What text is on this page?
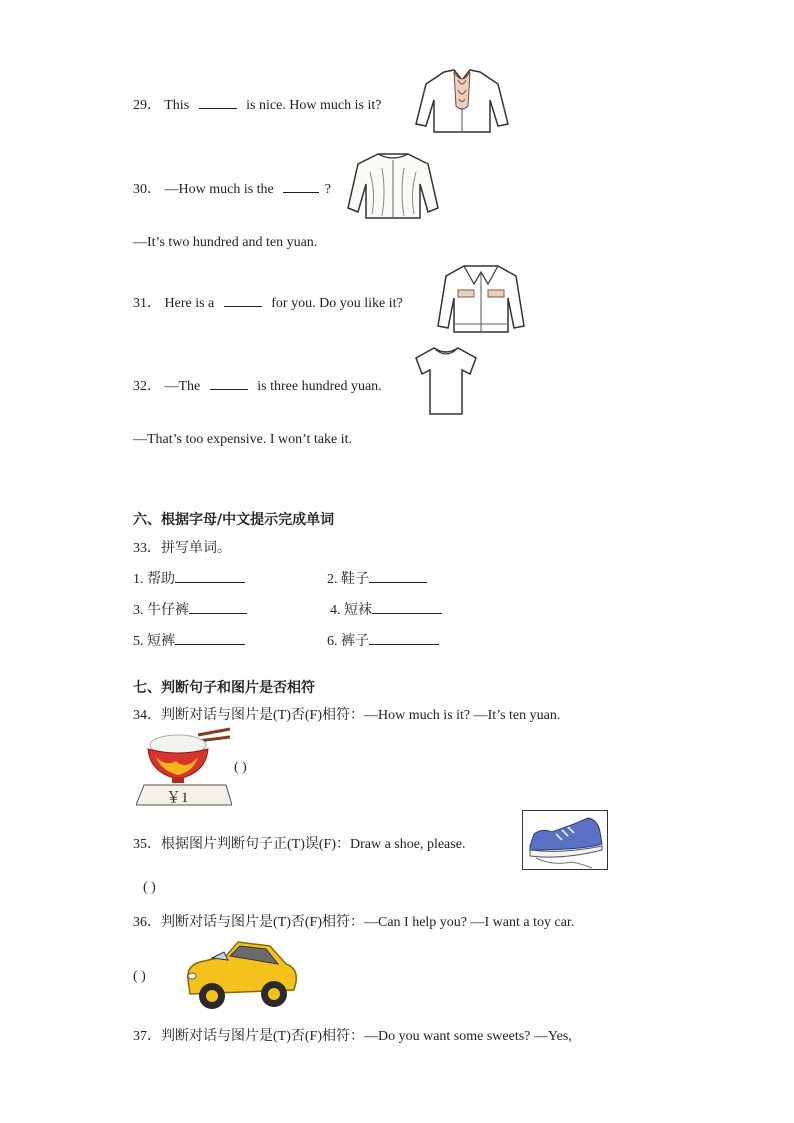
29． This	is nice. How much is it?
30． —How much is the	?
—It’s two hundred and ten yuan.
31． Here is a	for you. Do you like it?
32． —The	is three hundred yuan.
—That’s too expensive. I won’t take it.
六、根据字母/中文提示完成单词
33．拼写单词。
1. 帮助	2. 鞋子
3. 牛仔裤	4. 短袜
5. 短裤	6. 裤子
七、判断句子和图片是否相符
34．判断对话与图片是(T)否(F)相符：—How much is it? —It’s ten yuan.
￥1
( )
35．根据图片判断句子正(T)误(F)：Draw a shoe, please.
( )
36．判断对话与图片是(T)否(F)相符：—Can I help you? —I want a toy car.
( )
37．判断对话与图片是(T)否(F)相符：—Do you want some sweets? —Yes,
